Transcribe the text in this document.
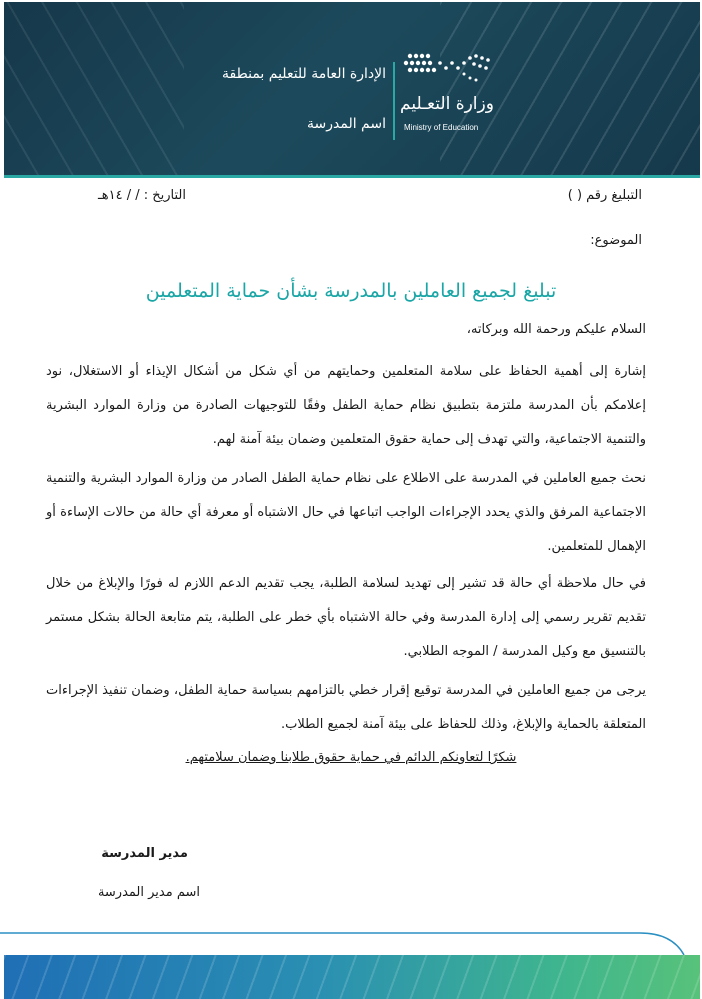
وزارة التعـليم
Ministry of Education
الإدارة العامة للتعليم بمنطقة
اسم المدرسة
التبليغ رقم ( )
التاريخ : / / ١٤هـ
الموضوع:
تبليغ لجميع العاملين بالمدرسة بشأن حماية المتعلمين
السلام عليكم ورحمة الله وبركاته،
إشارة إلى أهمية الحفاظ على سلامة المتعلمين وحمايتهم من أي شكل من أشكال الإيذاء أو الاستغلال، نود إعلامكم بأن المدرسة ملتزمة بتطبيق نظام حماية الطفل وفقًا للتوجيهات الصادرة من وزارة الموارد البشرية والتنمية الاجتماعية، والتي تهدف إلى حماية حقوق المتعلمين وضمان بيئة آمنة لهم.
نحث جميع العاملين في المدرسة على الاطلاع على نظام حماية الطفل الصادر من وزارة الموارد البشرية والتنمية الاجتماعية المرفق والذي يحدد الإجراءات الواجب اتباعها في حال الاشتباه أو معرفة أي حالة من حالات الإساءة أو الإهمال للمتعلمين.
في حال ملاحظة أي حالة قد تشير إلى تهديد لسلامة الطلبة، يجب تقديم الدعم اللازم له فورًا والإبلاغ من خلال تقديم تقرير رسمي إلى إدارة المدرسة وفي حالة الاشتباه بأي خطر على الطلبة، يتم متابعة الحالة بشكل مستمر بالتنسيق مع وكيل المدرسة / الموجه الطلابي.
يرجى من جميع العاملين في المدرسة توقيع إقرار خطي بالتزامهم بسياسة حماية الطفل، وضمان تنفيذ الإجراءات المتعلقة بالحماية والإبلاغ، وذلك للحفاظ على بيئة آمنة لجميع الطلاب.
شكرًا لتعاونكم الدائم في حماية حقوق طلابنا وضمان سلامتهم.
مدير المدرسة
اسم مدير المدرسة
